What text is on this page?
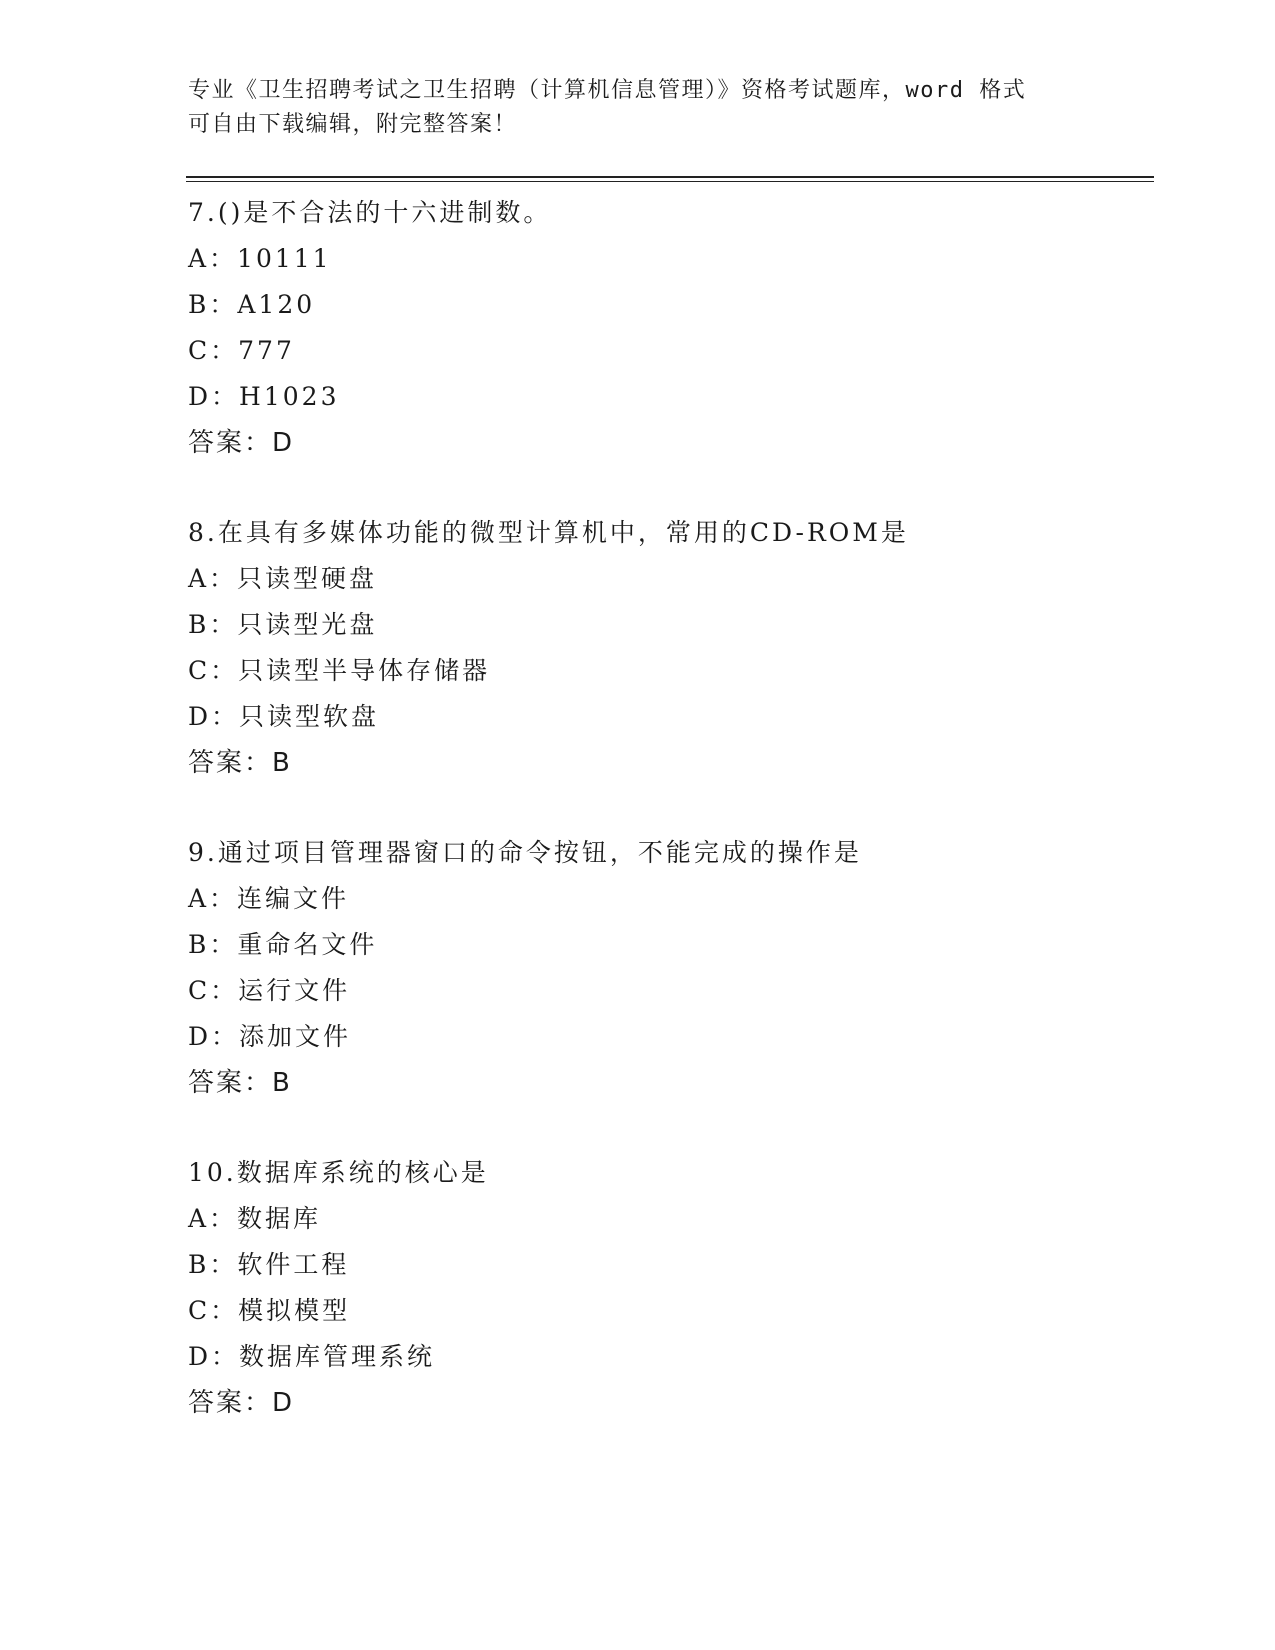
专业《卫生招聘考试之卫生招聘（计算机信息管理）》资格考试题库，word 格式
可自由下载编辑，附完整答案！
7.()是不合法的十六进制数。
A：10111
B：A120
C：777
D：H1023
答案：D
8.在具有多媒体功能的微型计算机中，常用的CD-ROM是
A：只读型硬盘
B：只读型光盘
C：只读型半导体存储器
D：只读型软盘
答案：B
9.通过项目管理器窗口的命令按钮，不能完成的操作是
A：连编文件
B：重命名文件
C：运行文件
D：添加文件
答案：B
10.数据库系统的核心是
A：数据库
B：软件工程
C：模拟模型
D：数据库管理系统
答案：D
